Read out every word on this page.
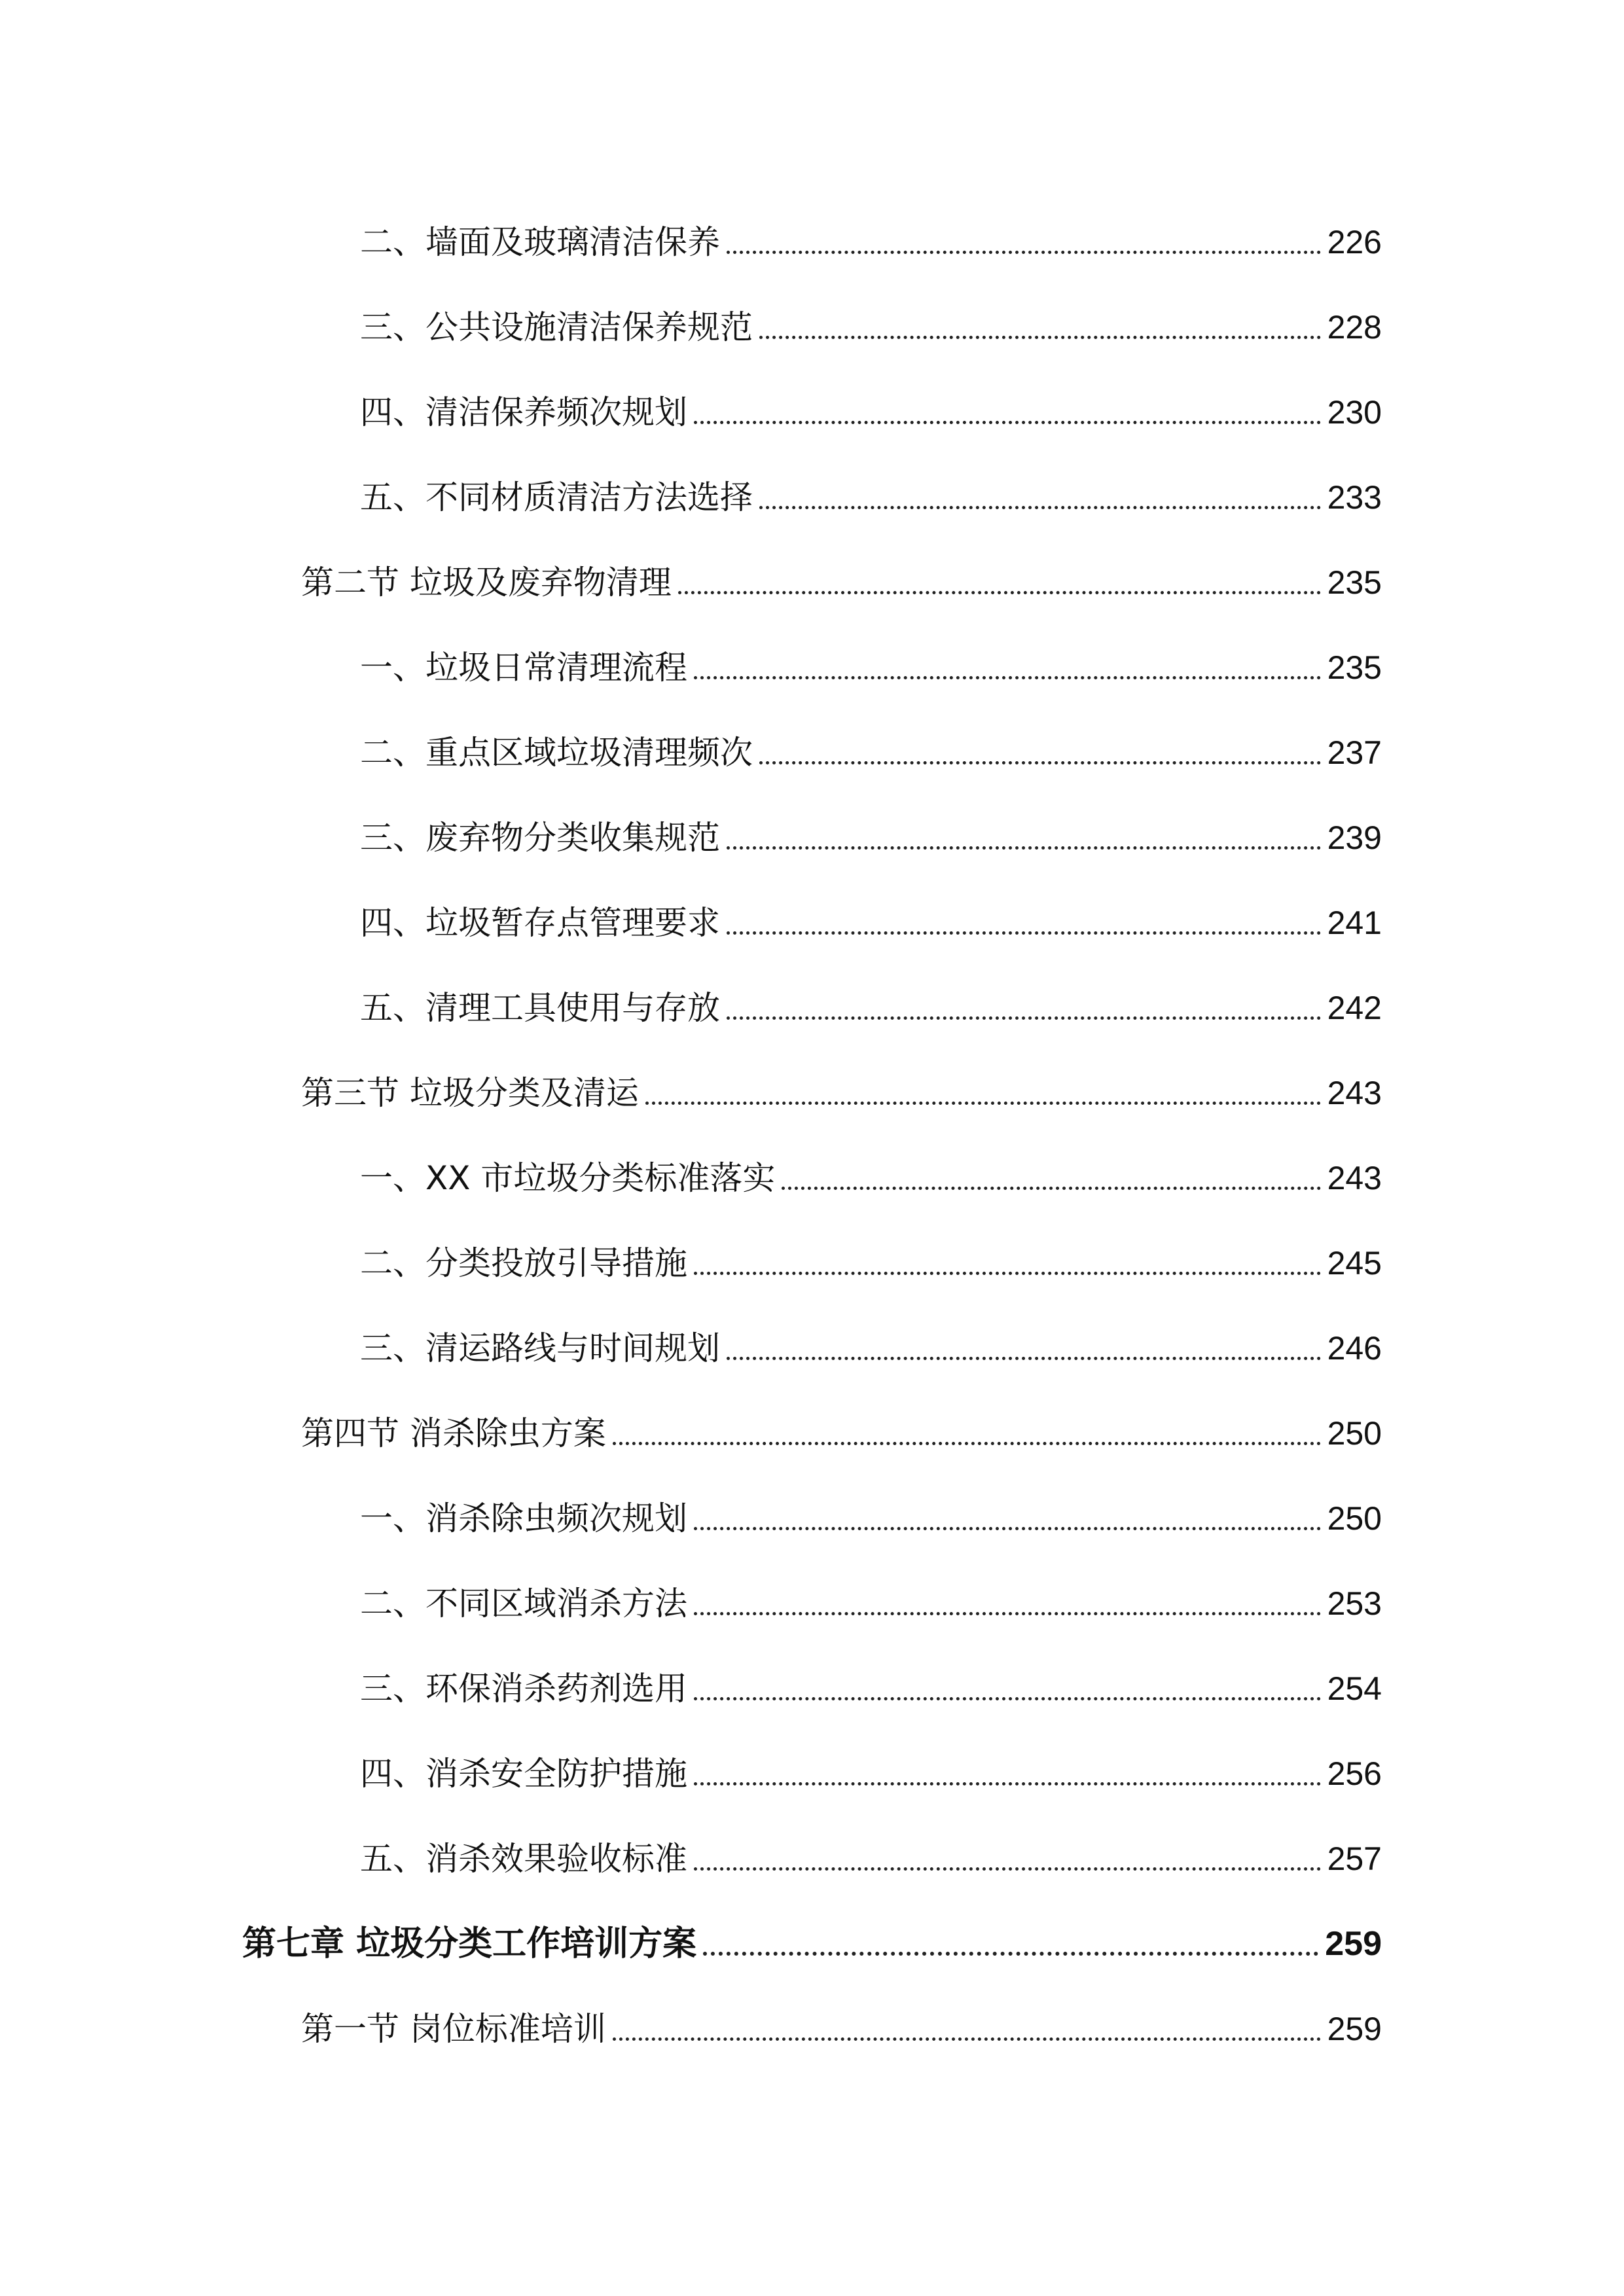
二、墙面及玻璃清洁保养	226
三、公共设施清洁保养规范	228
四、清洁保养频次规划	230
五、不同材质清洁方法选择	233
第二节 垃圾及废弃物清理	235
一、垃圾日常清理流程	235
二、重点区域垃圾清理频次	237
三、废弃物分类收集规范	239
四、垃圾暂存点管理要求	241
五、清理工具使用与存放	242
第三节 垃圾分类及清运	243
一、XX 市垃圾分类标准落实	243
二、分类投放引导措施	245
三、清运路线与时间规划	246
第四节 消杀除虫方案	250
一、消杀除虫频次规划	250
二、不同区域消杀方法	253
三、环保消杀药剂选用	254
四、消杀安全防护措施	256
五、消杀效果验收标准	257
第七章 垃圾分类工作培训方案	259
第一节 岗位标准培训	259
